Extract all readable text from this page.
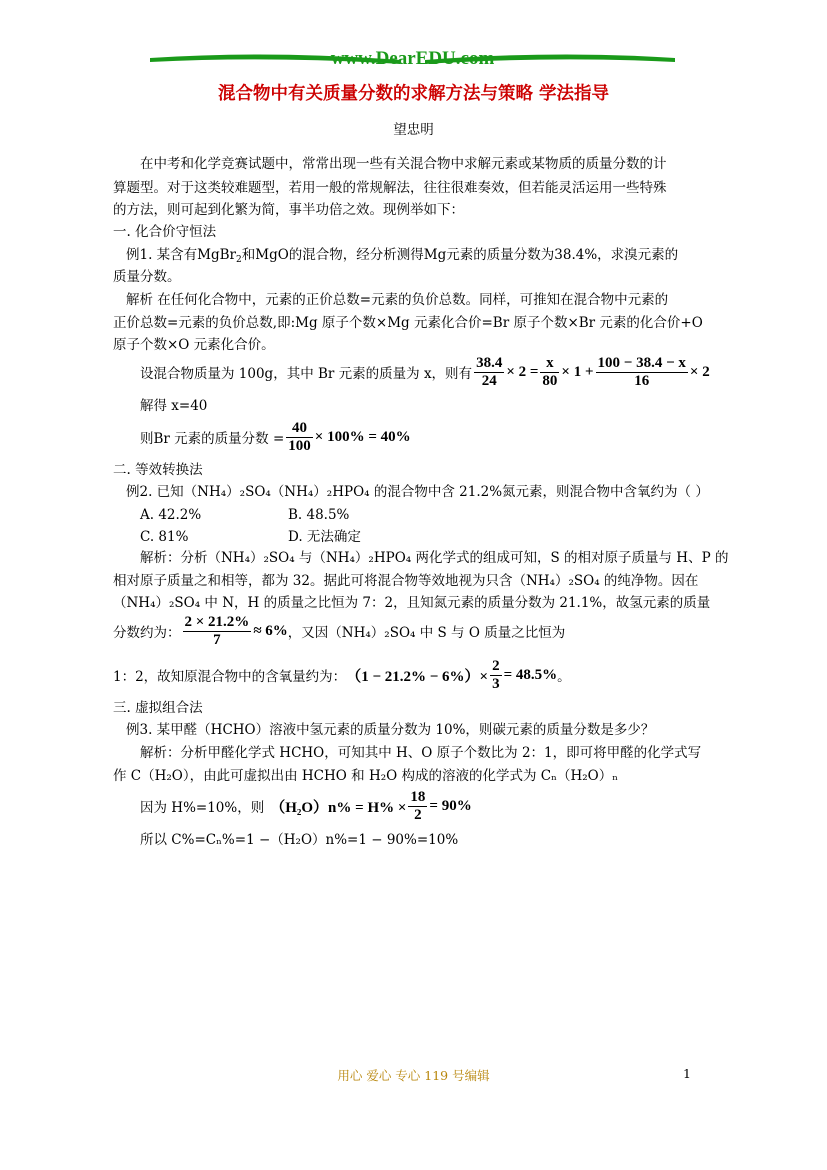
www.DearEDU.com
混合物中有关质量分数的求解方法与策略 学法指导
望忠明
在中考和化学竞赛试题中，常常出现一些有关混合物中求解元素或某物质的质量分数的计
算题型。对于这类较难题型，若用一般的常规解法，往往很难奏效，但若能灵活运用一些特殊
的方法，则可起到化繁为简，事半功倍之效。现例举如下：
一. 化合价守恒法
例1. 某含有MgBr$_2$和MgO的混合物，经分析测得Mg元素的质量分数为38.4%，求溴元素的
质量分数。
解析 在任何化合物中，元素的正价总数=元素的负价总数。同样，可推知在混合物中元素的
正价总数=元素的负价总数,即:Mg 原子个数×Mg 元素化合价=Br 原子个数×Br 元素的化合价+O
原子个数×O 元素化合价。
设混合物质量为 100g，其中 Br 元素的质量为 x，则有 $\frac{38.4}{24} \times 2 = \frac{x}{80} \times 1 + \frac{100 - 38.4 - x}{16} \times 2$
解得 x=40
则Br 元素的质量分数 = $\frac{40}{100} \times 100\% = 40\%$
二. 等效转换法
例2. 已知（NH₄）₂SO₄（NH₄）₂HPO₄ 的混合物中含 21.2%氮元素，则混合物中含氧约为（ ）
A. 42.2%	B. 48.5%
C. 81%	D. 无法确定
解析：分析（NH₄）₂SO₄ 与（NH₄）₂HPO₄ 两化学式的组成可知，S 的相对原子质量与 H、P 的
相对原子质量之和相等，都为 32。据此可将混合物等效地视为只含（NH₄）₂SO₄ 的纯净物。因在
（NH₄）₂SO₄ 中 N，H 的质量之比恒为 7：2，且知氮元素的质量分数为 21.1%，故氢元素的质量
分数约为： $\frac{2 \times 21.2\%}{7} \approx 6\%$ ，又因（NH₄）₂SO₄ 中 S 与 O 质量之比恒为
1：2，故知原混合物中的含氧量约为： $(1 - 21.2\% - 6\%)\times \frac{2}{3} = 48.5\%$ 。
三. 虚拟组合法
例3. 某甲醛（HCHO）溶液中氢元素的质量分数为 10%，则碳元素的质量分数是多少？
解析：分析甲醛化学式 HCHO，可知其中 H、O 原子个数比为 2：1，即可将甲醛的化学式写
作 C（H₂O），由此可虚拟出由 HCHO 和 H₂O 构成的溶液的化学式为 Cₙ（H₂O）ₙ
因为 H%=10%，则 $(H_2O)n\% = H\% \times \frac{18}{2} = 90\%$
所以 C%=Cₙ%=1 −（H₂O）n%=1 − 90%=10%
用心 爱心 专心 119 号编辑	1
